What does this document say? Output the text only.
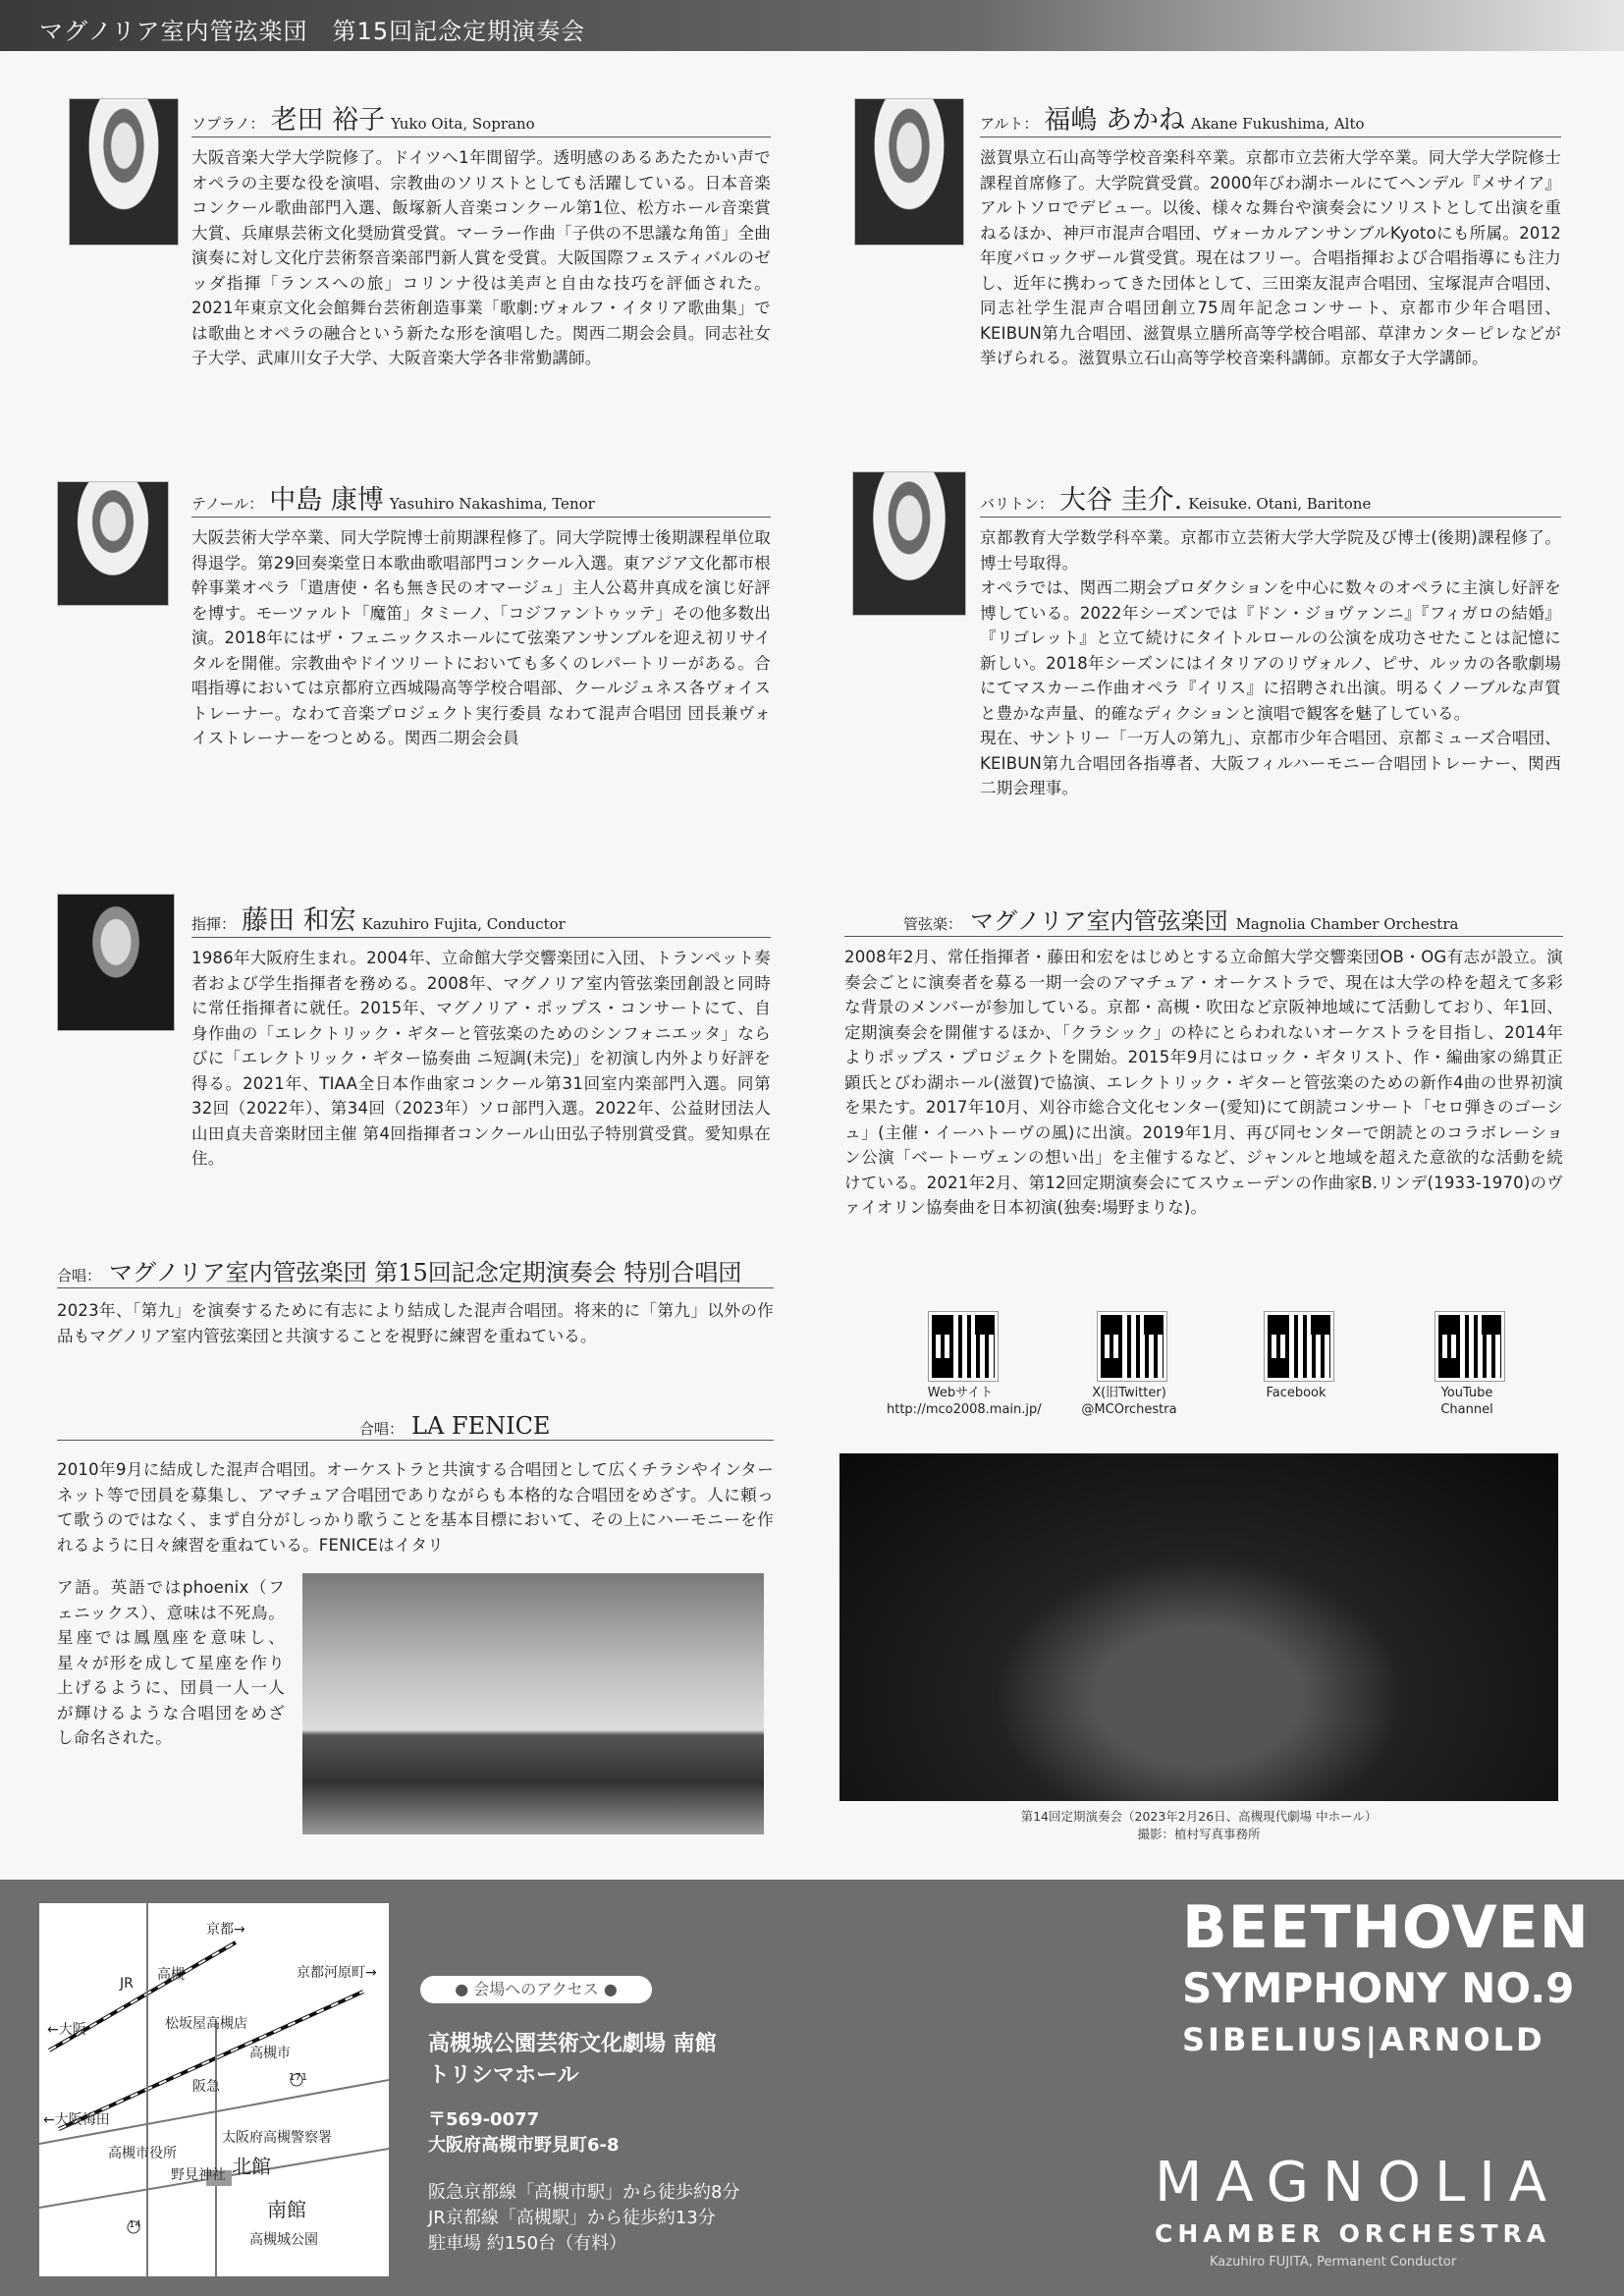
マグノリア室内管弦楽団　第15回記念定期演奏会
ソプラノ： 老田 裕子 Yuko Oita, Soprano
大阪音楽大学大学院修了。ドイツへ1年間留学。透明感のあるあたたかい声でオペラの主要な役を演唱、宗教曲のソリストとしても活躍している。日本音楽コンクール歌曲部門入選、飯塚新人音楽コンクール第1位、松方ホール音楽賞大賞、兵庫県芸術文化奨励賞受賞。マーラー作曲「子供の不思議な角笛」全曲演奏に対し文化庁芸術祭音楽部門新人賞を受賞。大阪国際フェスティバルのゼッダ指揮「ランスへの旅」コリンナ役は美声と自由な技巧を評価された。2021年東京文化会館舞台芸術創造事業「歌劇:ヴォルフ・イタリア歌曲集」では歌曲とオペラの融合という新たな形を演唱した。関西二期会会員。同志社女子大学、武庫川女子大学、大阪音楽大学各非常勤講師。
アルト： 福嶋 あかね Akane Fukushima, Alto
滋賀県立石山高等学校音楽科卒業。京都市立芸術大学卒業。同大学大学院修士課程首席修了。大学院賞受賞。2000年びわ湖ホールにてヘンデル『メサイア』アルトソロでデビュー。以後、様々な舞台や演奏会にソリストとして出演を重ねるほか、神戸市混声合唱団、ヴォーカルアンサンブルKyotoにも所属。2012年度バロックザール賞受賞。現在はフリー。合唱指揮および合唱指導にも注力し、近年に携わってきた団体として、三田楽友混声合唱団、宝塚混声合唱団、同志社学生混声合唱団創立75周年記念コンサート、京都市少年合唱団、KEIBUN第九合唱団、滋賀県立膳所高等学校合唱部、草津カンターピレなどが挙げられる。滋賀県立石山高等学校音楽科講師。京都女子大学講師。
テノール： 中島 康博 Yasuhiro Nakashima, Tenor
大阪芸術大学卒業、同大学院博士前期課程修了。同大学院博士後期課程単位取得退学。第29回奏楽堂日本歌曲歌唱部門コンクール入選。東アジア文化都市根幹事業オペラ「遣唐使・名も無き民のオマージュ」主人公葛井真成を演じ好評を博す。モーツァルト「魔笛」タミーノ、「コジファントゥッテ」その他多数出演。2018年にはザ・フェニックスホールにて弦楽アンサンブルを迎え初リサイタルを開催。宗教曲やドイツリートにおいても多くのレパートリーがある。合唱指導においては京都府立西城陽高等学校合唱部、クールジュネス各ヴォイストレーナー。なわて音楽プロジェクト実行委員 なわて混声合唱団 団長兼ヴォイストレーナーをつとめる。関西二期会会員
バリトン： 大谷 圭介. Keisuke. Otani, Baritone
京都教育大学数学科卒業。京都市立芸術大学大学院及び博士(後期)課程修了。博士号取得。
オペラでは、関西二期会プロダクションを中心に数々のオペラに主演し好評を博している。2022年シーズンでは『ドン・ジョヴァンニ』『フィガロの結婚』『リゴレット』と立て続けにタイトルロールの公演を成功させたことは記憶に新しい。2018年シーズンにはイタリアのリヴォルノ、ピサ、ルッカの各歌劇場にてマスカーニ作曲オペラ『イリス』に招聘され出演。明るくノーブルな声質と豊かな声量、的確なディクションと演唱で観客を魅了している。
現在、サントリー「一万人の第九」、京都市少年合唱団、京都ミューズ合唱団、KEIBUN第九合唱団各指導者、大阪フィルハーモニー合唱団トレーナー、関西二期会理事。
指揮： 藤田 和宏 Kazuhiro Fujita, Conductor
1986年大阪府生まれ。2004年、立命館大学交響楽団に入団、トランペット奏者および学生指揮者を務める。2008年、マグノリア室内管弦楽団創設と同時に常任指揮者に就任。2015年、マグノリア・ポップス・コンサートにて、自身作曲の「エレクトリック・ギターと管弦楽のためのシンフォニエッタ」ならびに「エレクトリック・ギター協奏曲 ニ短調(未完)」を初演し内外より好評を得る。2021年、TIAA全日本作曲家コンクール第31回室内楽部門入選。同第32回（2022年）、第34回（2023年）ソロ部門入選。2022年、公益財団法人 山田貞夫音楽財団主催 第4回指揮者コンクール山田弘子特別賞受賞。愛知県在住。
管弦楽： マグノリア室内管弦楽団 Magnolia Chamber Orchestra
2008年2月、常任指揮者・藤田和宏をはじめとする立命館大学交響楽団OB・OG有志が設立。演奏会ごとに演奏者を募る一期一会のアマチュア・オーケストラで、現在は大学の枠を超えて多彩な背景のメンバーが参加している。京都・高槻・吹田など京阪神地域にて活動しており、年1回、定期演奏会を開催するほか、「クラシック」の枠にとらわれないオーケストラを目指し、2014年よりポップス・プロジェクトを開始。2015年9月にはロック・ギタリスト、作・編曲家の綿貫正顕氏とびわ湖ホール(滋賀)で協演、エレクトリック・ギターと管弦楽のための新作4曲の世界初演を果たす。2017年10月、刈谷市総合文化センター(愛知)にて朗読コンサート「セロ弾きのゴーシュ」(主催・イーハトーヴの風)に出演。2019年1月、再び同センターで朗読とのコラボレーション公演「ベートーヴェンの想い出」を主催するなど、ジャンルと地域を超えた意欲的な活動を続けている。2021年2月、第12回定期演奏会にてスウェーデンの作曲家B.リンデ(1933-1970)のヴァイオリン協奏曲を日本初演(独奏:場野まりな)。
合唱： マグノリア室内管弦楽団 第15回記念定期演奏会 特別合唱団
2023年、「第九」を演奏するために有志により結成した混声合唱団。将来的に「第九」以外の作品もマグノリア室内管弦楽団と共演することを視野に練習を重ねている。
合唱： LA FENICE
2010年9月に結成した混声合唱団。オーケストラと共演する合唱団として広くチラシやインターネット等で団員を募集し、アマチュア合唱団でありながらも本格的な合唱団をめざす。人に頼って歌うのではなく、まず自分がしっかり歌うことを基本目標において、その上にハーモニーを作れるように日々練習を重ねている。FENICEはイタリ
ア語。英語ではphoenix（フェニックス）、意味は不死鳥。星座では鳳凰座を意味し、星々が形を成して星座を作り上げるように、団員一人一人が輝けるような合唱団をめざし命名された。
Webサイト
http://mco2008.main.jp/
X(旧Twitter)
@MCOrchestra
Facebook	YouTube
Channel
第14回定期演奏会（2023年2月26日、高槻現代劇場 中ホール）
撮影：植村写真事務所
京都→
JR
高槻
←大阪	松坂屋高槻店
京都河原町→
阪急
高槻市
171
←大阪梅田
太阪府高槻警察署
北館
高槻市役所
野見神社
南館
14
高槻城公園
● 会場へのアクセス ●
高槻城公園芸術文化劇場 南館
トリシマホール
〒569-0077
大阪府高槻市野見町6-8
阪急京都線「高槻市駅」から徒歩約8分
JR京都線「高槻駅」から徒歩約13分
駐車場 約150台（有料）
BEETHOVEN
SYMPHONY NO.9
SIBELIUS|ARNOLD
MAGNOLIA
CHAMBER ORCHESTRA
Kazuhiro FUJITA, Permanent Conductor
